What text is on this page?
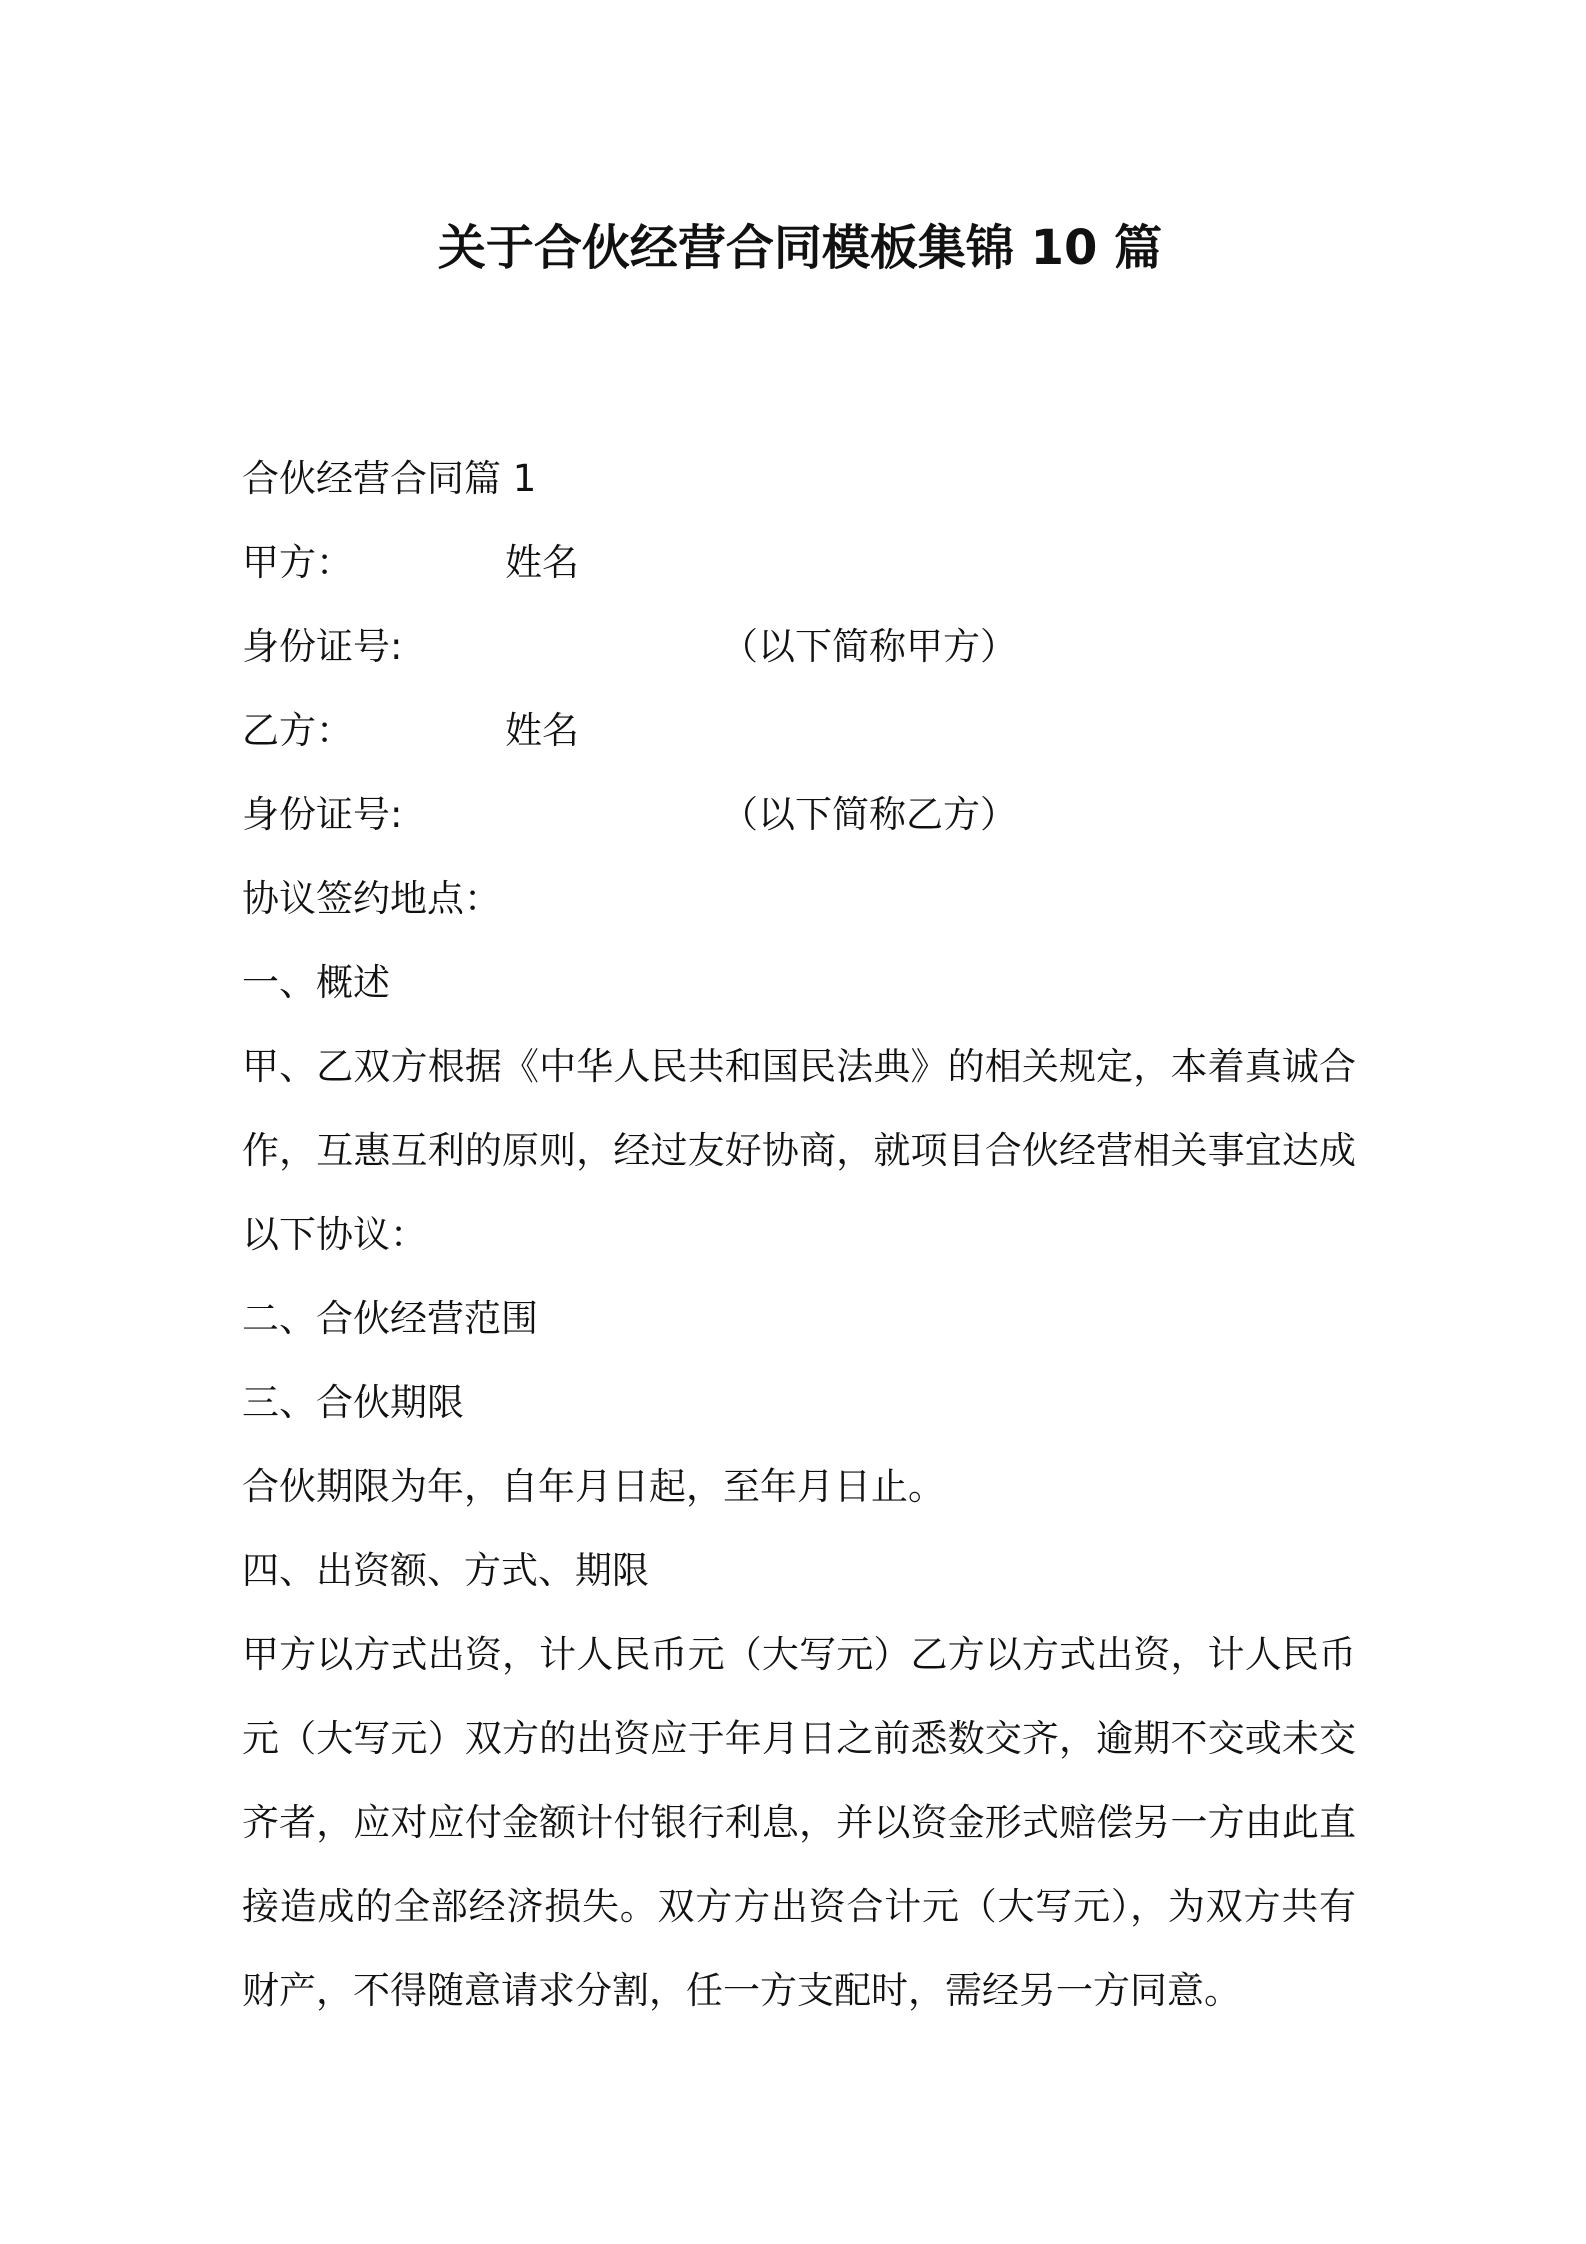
关于合伙经营合同模板集锦 10 篇
合伙经营合同篇 1
甲方：	姓名
身份证号:	（以下简称甲方）
乙方：	姓名
身份证号:	（以下简称乙方）
协议签约地点：
一、概述
甲、乙双方根据《中华人民共和国民法典》的相关规定，本着真诚合作，互惠互利的原则，经过友好协商，就项目合伙经营相关事宜达成以下协议：
二、合伙经营范围
三、合伙期限
合伙期限为年，自年月日起，至年月日止。
四、出资额、方式、期限
甲方以方式出资，计人民币元（大写元）乙方以方式出资，计人民币元（大写元）双方的出资应于年月日之前悉数交齐，逾期不交或未交齐者，应对应付金额计付银行利息，并以资金形式赔偿另一方由此直接造成的全部经济损失。双方方出资合计元（大写元），为双方共有财产，不得随意请求分割，任一方支配时，需经另一方同意。
